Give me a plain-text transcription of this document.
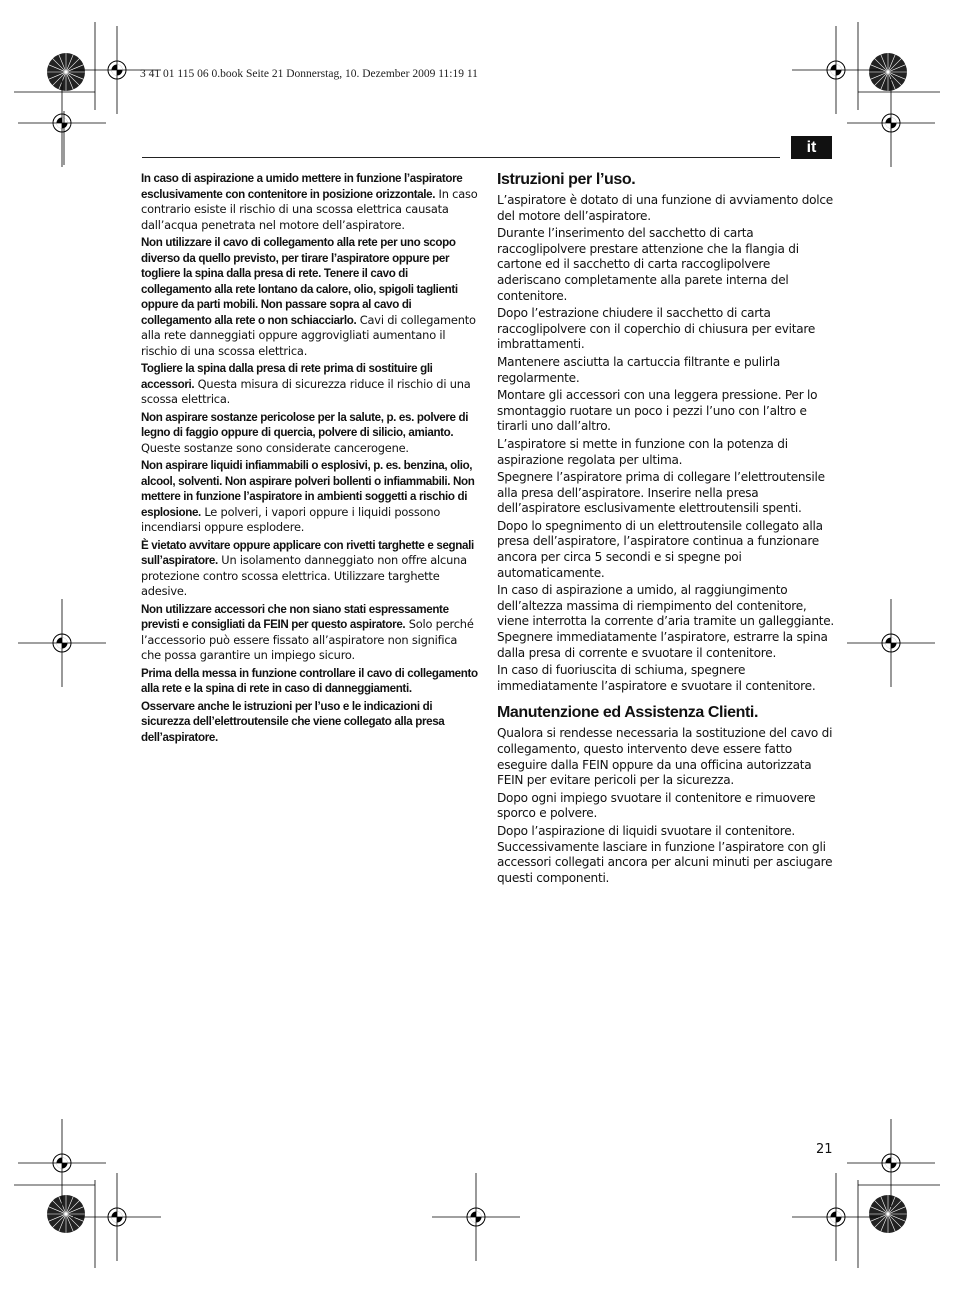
3 41 01 115 06 0.book Seite 21 Donnerstag, 10. Dezember 2009 11:19 11
it

In caso di aspirazione a umido mettere in funzione l’aspiratore esclusivamente con contenitore in posizione orizzontale. In caso contrario esiste il rischio di una scossa elettrica causata dall’acqua penetrata nel motore dell’aspiratore.

Non utilizzare il cavo di collegamento alla rete per uno scopo diverso da quello previsto, per tirare l’aspiratore oppure per togliere la spina dalla presa di rete. Tenere il cavo di collegamento alla rete lontano da calore, olio, spigoli taglienti oppure da parti mobili. Non passare sopra al cavo di collegamento alla rete o non schiacciarlo. Cavi di collegamento alla rete danneggiati oppure aggrovigliati aumentano il rischio di una scossa elettrica.

Togliere la spina dalla presa di rete prima di sostituire gli accessori. Questa misura di sicurezza riduce il rischio di una scossa elettrica.

Non aspirare sostanze pericolose per la salute, p. es. polvere di legno di faggio oppure di quercia, polvere di silicio, amianto. Queste sostanze sono considerate cancerogene.

Non aspirare liquidi infiammabili o esplosivi, p. es. benzina, olio, alcool, solventi. Non aspirare polveri bollenti o infiammabili. Non mettere in funzione l’aspiratore in ambienti soggetti a rischio di esplosione. Le polveri, i vapori oppure i liquidi possono incendiarsi oppure esplodere.

È vietato avvitare oppure applicare con rivetti targhette e segnali sull’aspiratore. Un isolamento danneggiato non offre alcuna protezione contro scossa elettrica. Utilizzare targhette adesive.

Non utilizzare accessori che non siano stati espressamente previsti e consigliati da FEIN per questo aspiratore. Solo perché l’accessorio può essere fissato all’aspiratore non significa che possa garantire un impiego sicuro.

Prima della messa in funzione controllare il cavo di collegamento alla rete e la spina di rete in caso di danneggiamenti.

Osservare anche le istruzioni per l’uso e le indicazioni di sicurezza dell’elettroutensile che viene collegato alla presa dell’aspiratore.

Istruzioni per l’uso.

L’aspiratore è dotato di una funzione di avviamento dolce del motore dell’aspiratore.

Durante l’inserimento del sacchetto di carta raccoglipolvere prestare attenzione che la flangia di cartone ed il sacchetto di carta raccoglipolvere aderiscano completamente alla parete interna del contenitore.

Dopo l’estrazione chiudere il sacchetto di carta raccoglipolvere con il coperchio di chiusura per evitare imbrattamenti.

Mantenere asciutta la cartuccia filtrante e pulirla regolarmente.

Montare gli accessori con una leggera pressione. Per lo smontaggio ruotare un poco i pezzi l’uno con l’altro e tirarli uno dall’altro.

L’aspiratore si mette in funzione con la potenza di aspirazione regolata per ultima.

Spegnere l’aspiratore prima di collegare l’elettroutensile alla presa dell’aspiratore. Inserire nella presa dell’aspiratore esclusivamente elettroutensili spenti.

Dopo lo spegnimento di un elettroutensile collegato alla presa dell’aspiratore, l’aspiratore continua a funzionare ancora per circa 5 secondi e si spegne poi automaticamente.

In caso di aspirazione a umido, al raggiungimento dell’altezza massima di riempimento del contenitore, viene interrotta la corrente d’aria tramite un galleggiante. Spegnere immediatamente l’aspiratore, estrarre la spina dalla presa di corrente e svuotare il contenitore.

In caso di fuoriuscita di schiuma, spegnere immediatamente l’aspiratore e svuotare il contenitore.

Manutenzione ed Assistenza Clienti.

Qualora si rendesse necessaria la sostituzione del cavo di collegamento, questo intervento deve essere fatto eseguire dalla FEIN oppure da una officina autorizzata FEIN per evitare pericoli per la sicurezza.

Dopo ogni impiego svuotare il contenitore e rimuovere sporco e polvere.

Dopo l’aspirazione di liquidi svuotare il contenitore. Successivamente lasciare in funzione l’aspiratore con gli accessori collegati ancora per alcuni minuti per asciugare questi componenti.

21
